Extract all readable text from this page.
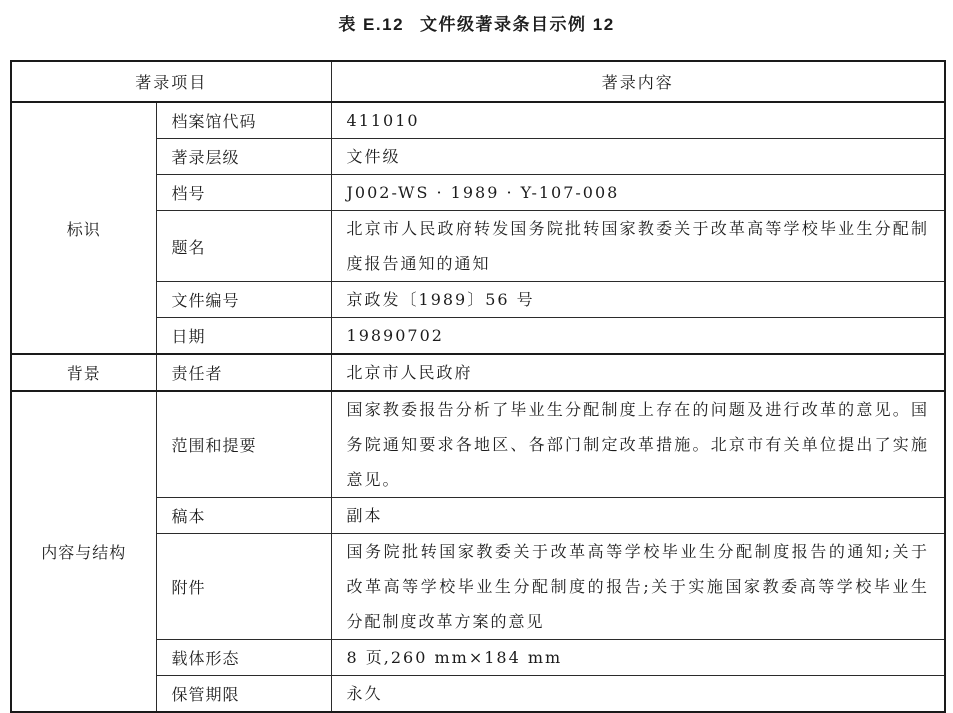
表 E.12 文件级著录条目示例 12
著录项目		著录内容
标识	档案馆代码	411010
	著录层级	文件级
	档号	J002-WS · 1989 · Y-107-008
	题名	北京市人民政府转发国务院批转国家教委关于改革高等学校毕业生分配制度报告通知的通知
	文件编号	京政发〔1989〕56 号
	日期	19890702
背景	责任者	北京市人民政府
内容与结构	范围和提要	国家教委报告分析了毕业生分配制度上存在的问题及进行改革的意见。国务院通知要求各地区、各部门制定改革措施。北京市有关单位提出了实施意见。
	稿本	副本
	附件	国务院批转国家教委关于改革高等学校毕业生分配制度报告的通知;关于改革高等学校毕业生分配制度的报告;关于实施国家教委高等学校毕业生分配制度改革方案的意见
	载体形态	8 页,260 mm×184 mm
	保管期限	永久
